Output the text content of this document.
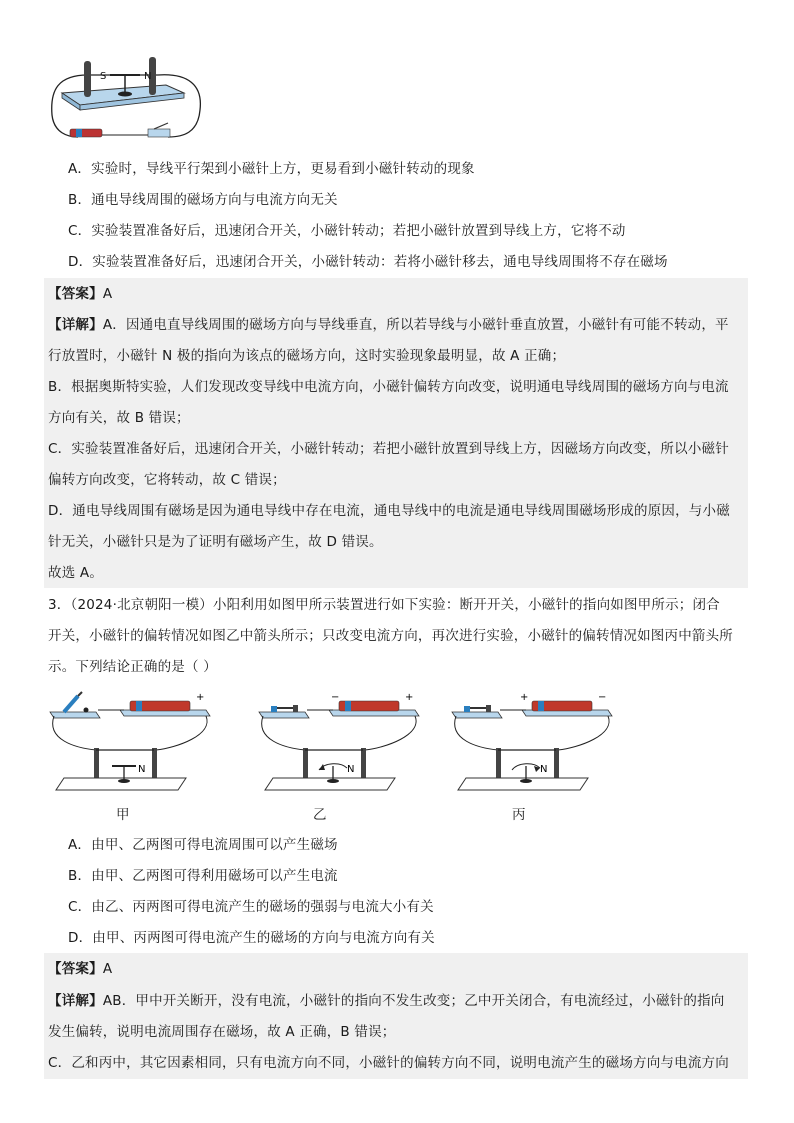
S	N
A．实验时，导线平行架到小磁针上方，更易看到小磁针转动的现象
B．通电导线周围的磁场方向与电流方向无关
C．实验装置准备好后，迅速闭合开关，小磁针转动；若把小磁针放置到导线上方，它将不动
D．实验装置准备好后，迅速闭合开关，小磁针转动：若将小磁针移去，通电导线周围将不存在磁场
【答案】A
【详解】A．因通电直导线周围的磁场方向与导线垂直，所以若导线与小磁针垂直放置，小磁针有可能不转动，平
行放置时，小磁针 N 极的指向为该点的磁场方向，这时实验现象最明显，故 A 正确；
B．根据奥斯特实验，人们发现改变导线中电流方向，小磁针偏转方向改变，说明通电导线周围的磁场方向与电流
方向有关，故 B 错误；
C．实验装置准备好后，迅速闭合开关，小磁针转动；若把小磁针放置到导线上方，因磁场方向改变，所以小磁针
偏转方向改变，它将转动，故 C 错误；
D．通电导线周围有磁场是因为通电导线中存在电流，通电导线中的电流是通电导线周围磁场形成的原因，与小磁
针无关，小磁针只是为了证明有磁场产生，故 D 错误。
故选 A。
3．（2024·北京朝阳一模）小阳利用如图甲所示装置进行如下实验：断开开关，小磁针的指向如图甲所示；闭合
开关，小磁针的偏转情况如图乙中箭头所示；只改变电流方向，再次进行实验，小磁针的偏转情况如图丙中箭头所
示。下列结论正确的是（ ）
+
N
甲
−	+
N
乙
+	−
N
丙
A．由甲、乙两图可得电流周围可以产生磁场
B．由甲、乙两图可得利用磁场可以产生电流
C．由乙、丙两图可得电流产生的磁场的强弱与电流大小有关
D．由甲、丙两图可得电流产生的磁场的方向与电流方向有关
【答案】A
【详解】AB．甲中开关断开，没有电流，小磁针的指向不发生改变；乙中开关闭合，有电流经过，小磁针的指向
发生偏转，说明电流周围存在磁场，故 A 正确，B 错误；
C．乙和丙中，其它因素相同，只有电流方向不同，小磁针的偏转方向不同，说明电流产生的磁场方向与电流方向
